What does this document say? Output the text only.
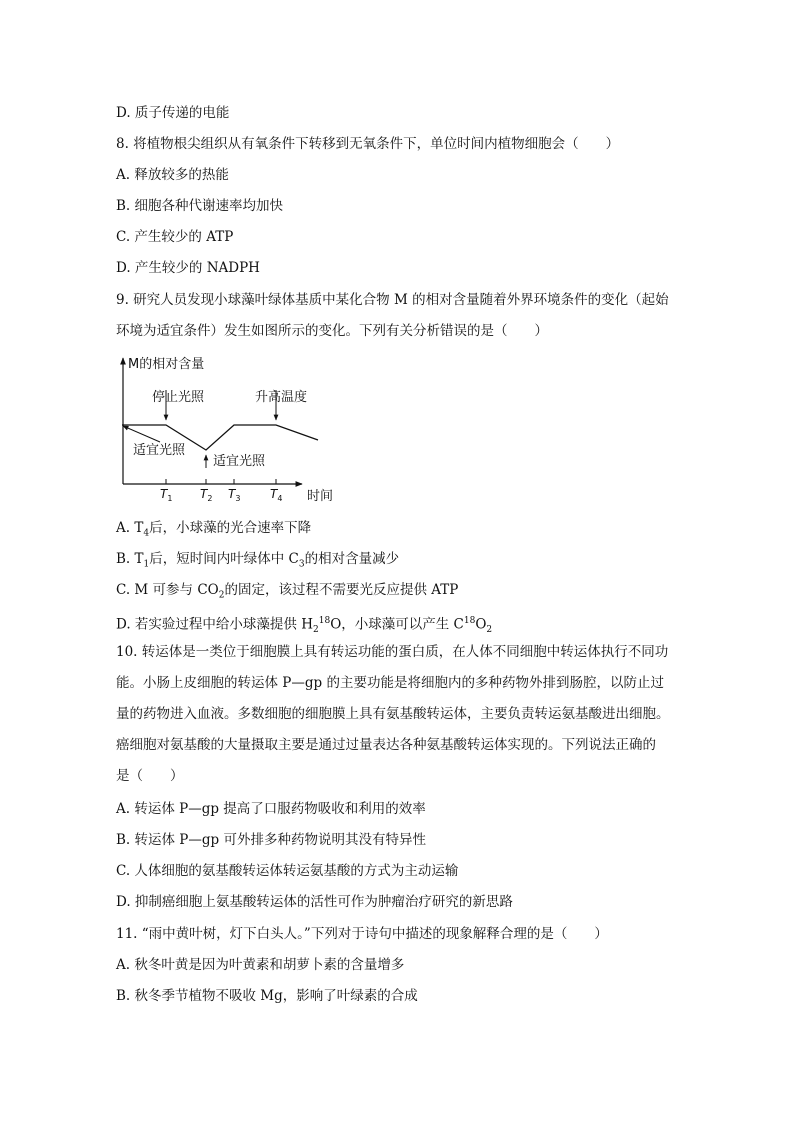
D. 质子传递的电能
8. 将植物根尖组织从有氧条件下转移到无氧条件下，单位时间内植物细胞会（　　）
A. 释放较多的热能
B. 细胞各种代谢速率均加快
C. 产生较少的 ATP
D. 产生较少的 NADPH
9. 研究人员发现小球藻叶绿体基质中某化合物 M 的相对含量随着外界环境条件的变化（起始
环境为适宜条件）发生如图所示的变化。下列有关分析错误的是（　　）
M的相对含量
时间
停止光照	升高温度
适宜光照
适宜光照
$T_1$ $T_2$ $T_3$ $T_4$
A. $T_4$后，小球藻的光合速率下降
B. $T_1$后，短时间内叶绿体中 $C_3$的相对含量减少
C. M 可参与 $CO_2$的固定，该过程不需要光反应提供 ATP
D. 若实验过程中给小球藻提供 $H_2^{18}O$，小球藻可以产生 $C^{18}O_2$
10. 转运体是一类位于细胞膜上具有转运功能的蛋白质，在人体不同细胞中转运体执行不同功
能。小肠上皮细胞的转运体 P—gp 的主要功能是将细胞内的多种药物外排到肠腔，以防止过
量的药物进入血液。多数细胞的细胞膜上具有氨基酸转运体，主要负责转运氨基酸进出细胞。
癌细胞对氨基酸的大量摄取主要是通过过量表达各种氨基酸转运体实现的。下列说法正确的
是（　　）
A. 转运体 P—gp 提高了口服药物吸收和利用的效率
B. 转运体 P—gp 可外排多种药物说明其没有特异性
C. 人体细胞的氨基酸转运体转运氨基酸的方式为主动运输
D. 抑制癌细胞上氨基酸转运体的活性可作为肿瘤治疗研究的新思路
11. “雨中黄叶树，灯下白头人。”下列对于诗句中描述的现象解释合理的是（　　）
A. 秋冬叶黄是因为叶黄素和胡萝卜素的含量增多
B. 秋冬季节植物不吸收 Mg，影响了叶绿素的合成
